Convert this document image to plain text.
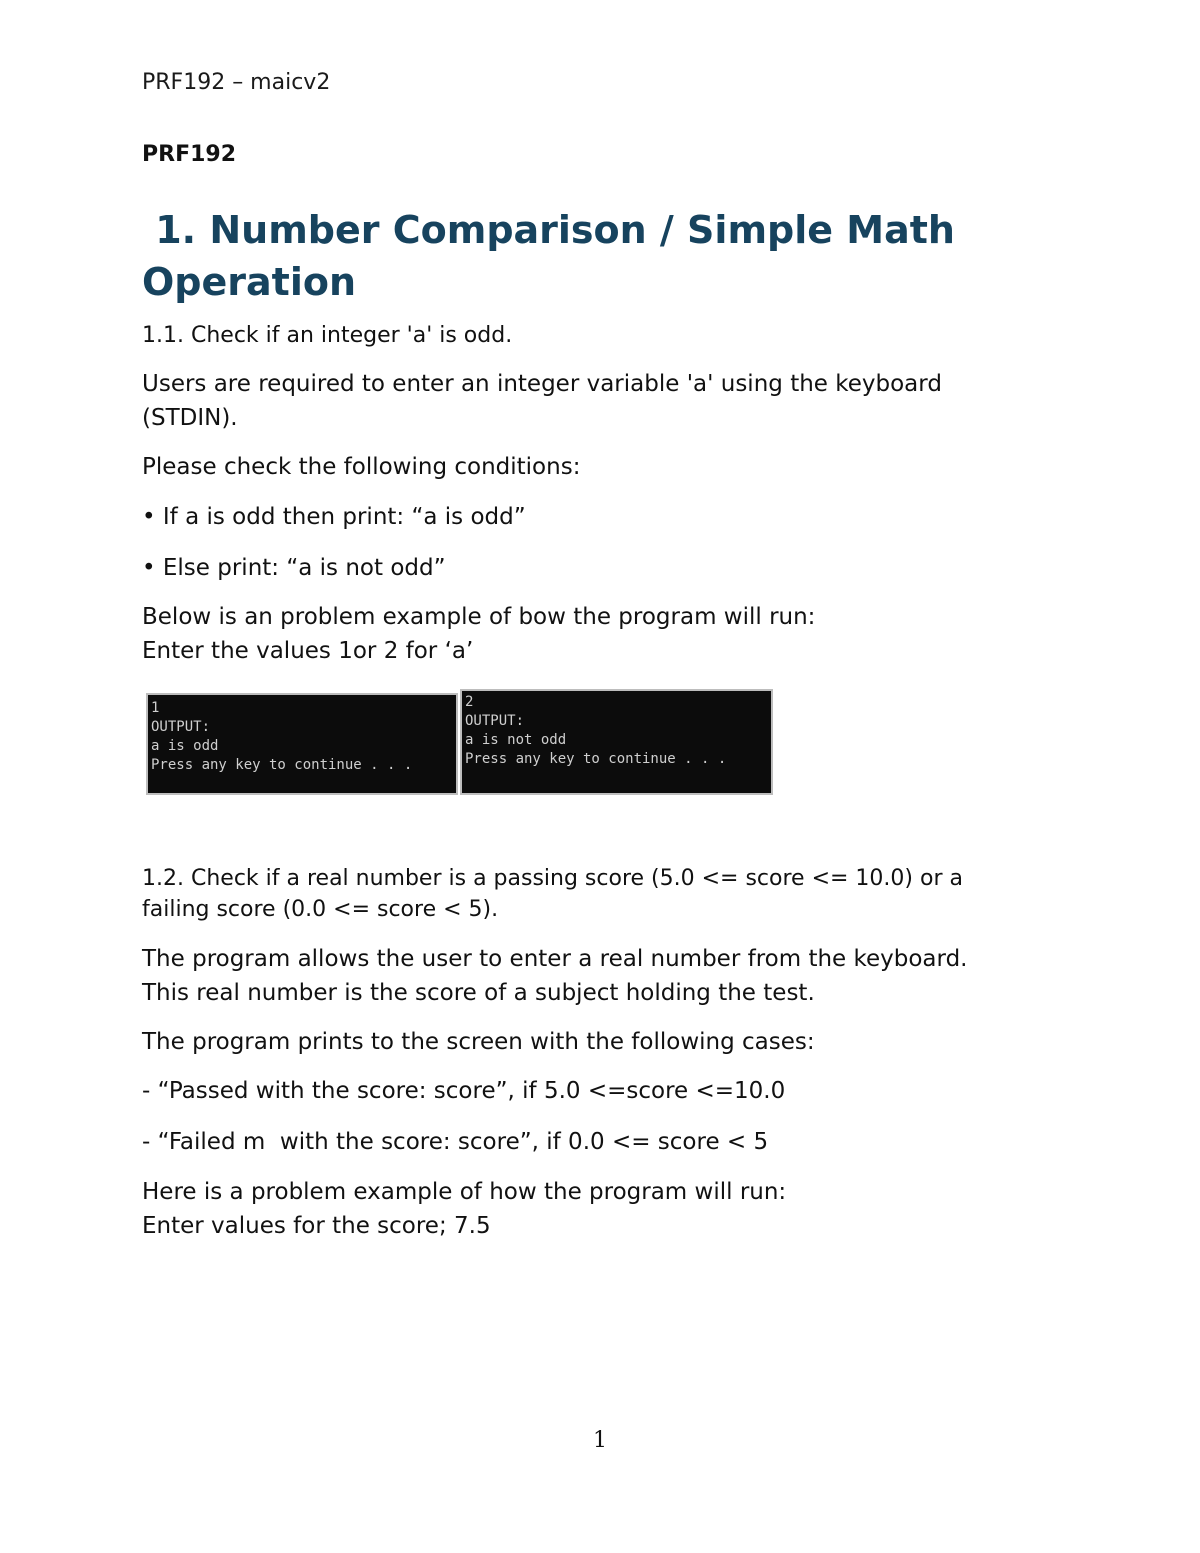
PRF192 – maicv2
PRF192
1. Number Comparison / Simple Math
Operation
1.1. Check if an integer 'a' is odd.
Users are required to enter an integer variable 'a' using the keyboard
(STDIN).
Please check the following conditions:
• If a is odd then print: “a is odd”
• Else print: “a is not odd”
Below is an problem example of bow the program will run:
Enter the values 1or 2 for ‘a’
1
OUTPUT:
a is odd
Press any key to continue . . .
2
OUTPUT:
a is not odd
Press any key to continue . . .
1.2. Check if a real number is a passing score (5.0 <= score <= 10.0) or a
failing score (0.0 <= score < 5).
The program allows the user to enter a real number from the keyboard.
This real number is the score of a subject holding the test.
The program prints to the screen with the following cases:
- “Passed with the score: score”, if 5.0 <=score <=10.0
- “Failed m  with the score: score”, if 0.0 <= score < 5
Here is a problem example of how the program will run:
Enter values for the score; 7.5
1
